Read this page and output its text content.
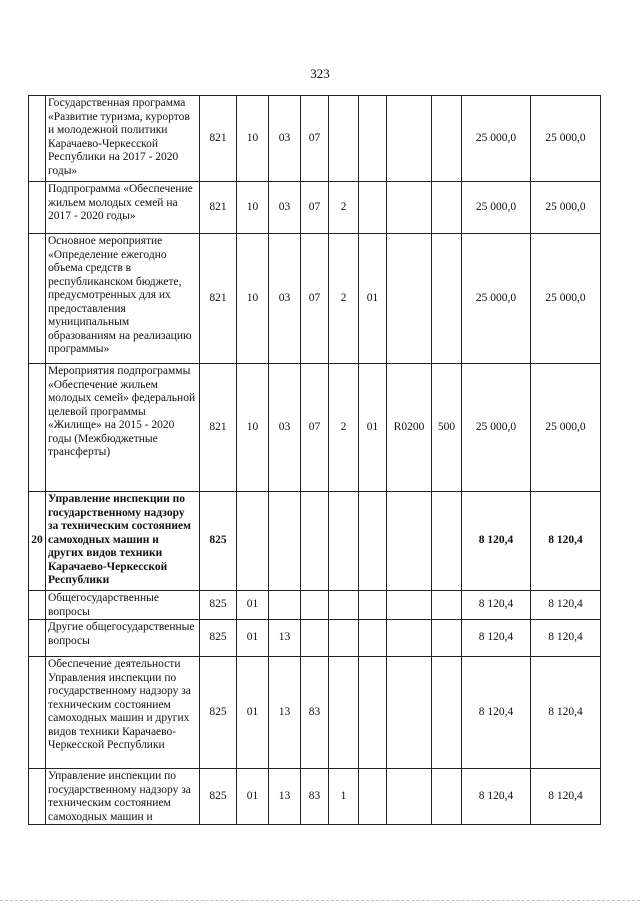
323
	Государственная программа «Развитие туризма, курортов и молодежной политики Карачаево-Черкесской Республики на 2017 - 2020 годы»	821	10	03	07					25 000,0	25 000,0
	Подпрограмма «Обеспечение жильем молодых семей на 2017 - 2020 годы»	821	10	03	07	2				25 000,0	25 000,0
	Основное мероприятие «Определение ежегодно объема средств в республиканском бюджете, предусмотренных для их предоставления муниципальным образованиям на реализацию программы»	821	10	03	07	2	01			25 000,0	25 000,0
	Мероприятия подпрограммы «Обеспечение жильем молодых семей» федеральной целевой программы «Жилище» на 2015 - 2020 годы (Межбюджетные трансферты)	821	10	03	07	2	01	R0200	500	25 000,0	25 000,0
20	Управление инспекции по государственному надзору за техническим состоянием самоходных машин и других видов техники Карачаево-Черкесской Республики	825								8 120,4	8 120,4
	Общегосударственные вопросы	825	01							8 120,4	8 120,4
	Другие общегосударственные вопросы	825	01	13						8 120,4	8 120,4
	Обеспечение деятельности Управления инспекции по государственному надзору за техническим состоянием самоходных машин и других видов техники Карачаево-Черкесской Республики	825	01	13	83					8 120,4	8 120,4
	Управление инспекции по государственному надзору за техническим состоянием самоходных машин и	825	01	13	83	1				8 120,4	8 120,4
